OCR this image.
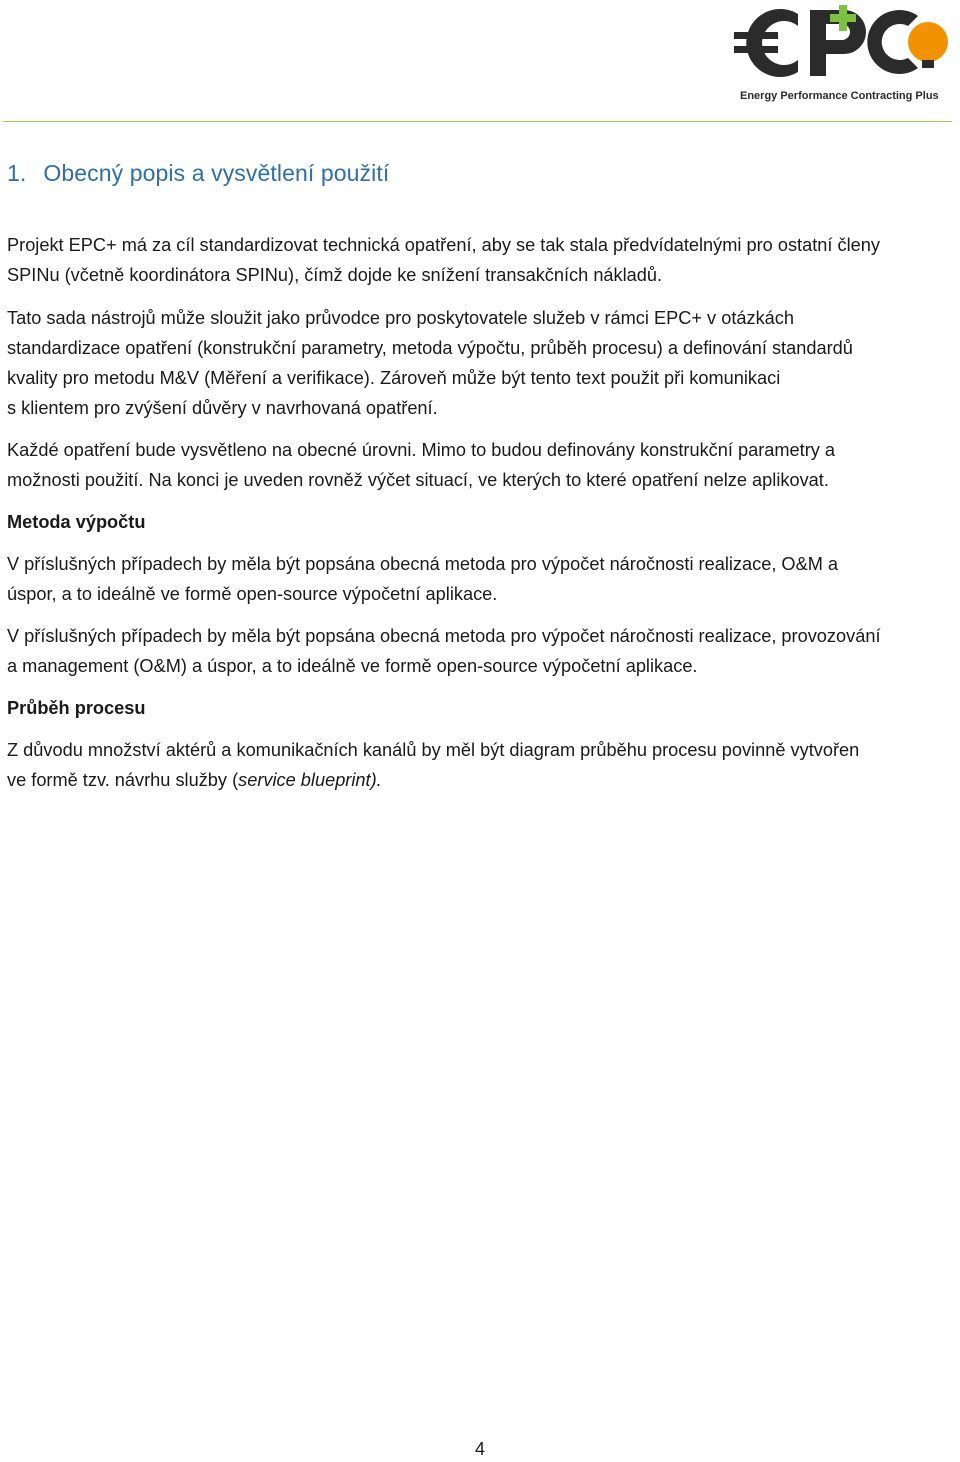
Energy Performance Contracting Plus
1. Obecný popis a vysvětlení použití
Projekt EPC+ má za cíl standardizovat technická opatření, aby se tak stala předvídatelnými pro ostatní členy
SPINu (včetně koordinátora SPINu), čímž dojde ke snížení transakčních nákladů.
Tato sada nástrojů může sloužit jako průvodce pro poskytovatele služeb v rámci EPC+ v otázkách
standardizace opatření (konstrukční parametry, metoda výpočtu, průběh procesu) a definování standardů
kvality pro metodu M&V (Měření a verifikace). Zároveň může být tento text použit při komunikaci
s klientem pro zvýšení důvěry v navrhovaná opatření.
Každé opatření bude vysvětleno na obecné úrovni. Mimo to budou definovány konstrukční parametry a
možnosti použití. Na konci je uveden rovněž výčet situací, ve kterých to které opatření nelze aplikovat.
Metoda výpočtu
V příslušných případech by měla být popsána obecná metoda pro výpočet náročnosti realizace, O&M a
úspor, a to ideálně ve formě open-source výpočetní aplikace.
V příslušných případech by měla být popsána obecná metoda pro výpočet náročnosti realizace, provozování
a management (O&M) a úspor, a to ideálně ve formě open-source výpočetní aplikace.
Průběh procesu
Z důvodu množství aktérů a komunikačních kanálů by měl být diagram průběhu procesu povinně vytvořen
ve formě tzv. návrhu služby (service blueprint).
4
